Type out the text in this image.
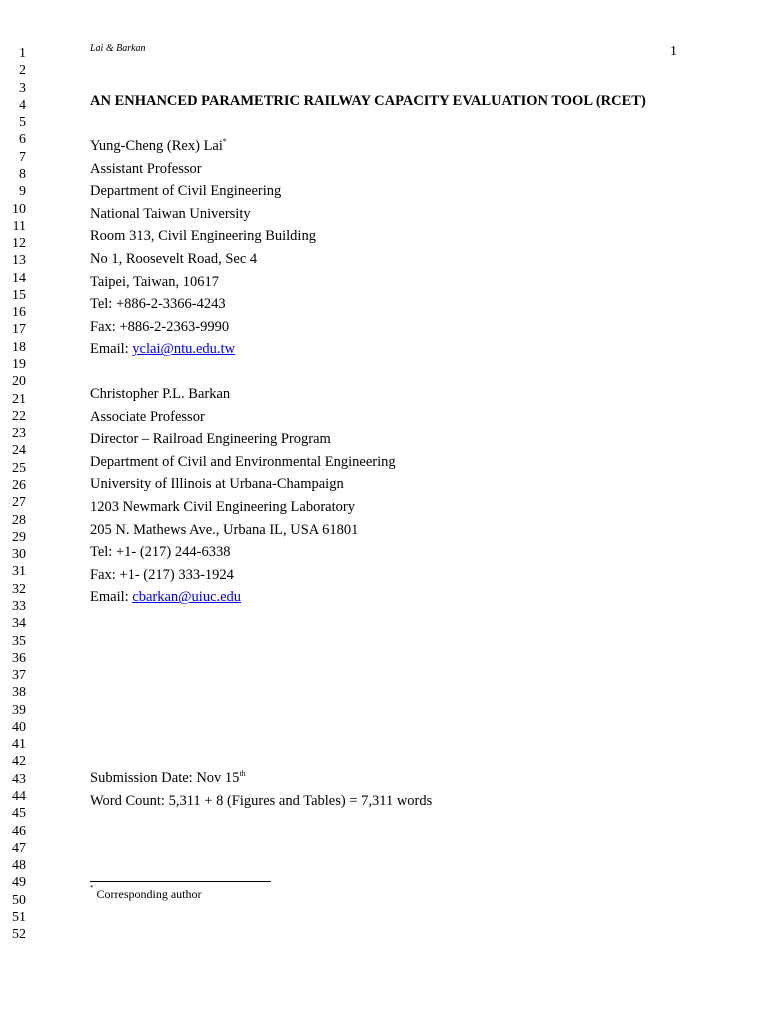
1
2
3
4
5
6
7
8
9
10
11
12
13
14
15
16
17
18
19
20
21
22
23
24
25
26
27
28
29
30
31
32
33
34
35
36
37
38
39
40
41
42
43
44
45
46
47
48
49
50
51
52
Lai & Barkan	1
AN ENHANCED PARAMETRIC RAILWAY CAPACITY EVALUATION TOOL (RCET)
Yung-Cheng (Rex) Lai*
Assistant Professor
Department of Civil Engineering
National Taiwan University
Room 313, Civil Engineering Building
No 1, Roosevelt Road, Sec 4
Taipei, Taiwan, 10617
Tel: +886-2-3366-4243
Fax: +886-2-2363-9990
Email: yclai@ntu.edu.tw
Christopher P.L. Barkan
Associate Professor
Director – Railroad Engineering Program
Department of Civil and Environmental Engineering
University of Illinois at Urbana-Champaign
1203 Newmark Civil Engineering Laboratory
205 N. Mathews Ave., Urbana IL, USA 61801
Tel: +1- (217) 244-6338
Fax: +1- (217) 333-1924
Email: cbarkan@uiuc.edu
Submission Date: Nov 15th
Word Count: 5,311 + 8 (Figures and Tables) = 7,311 words
* Corresponding author
